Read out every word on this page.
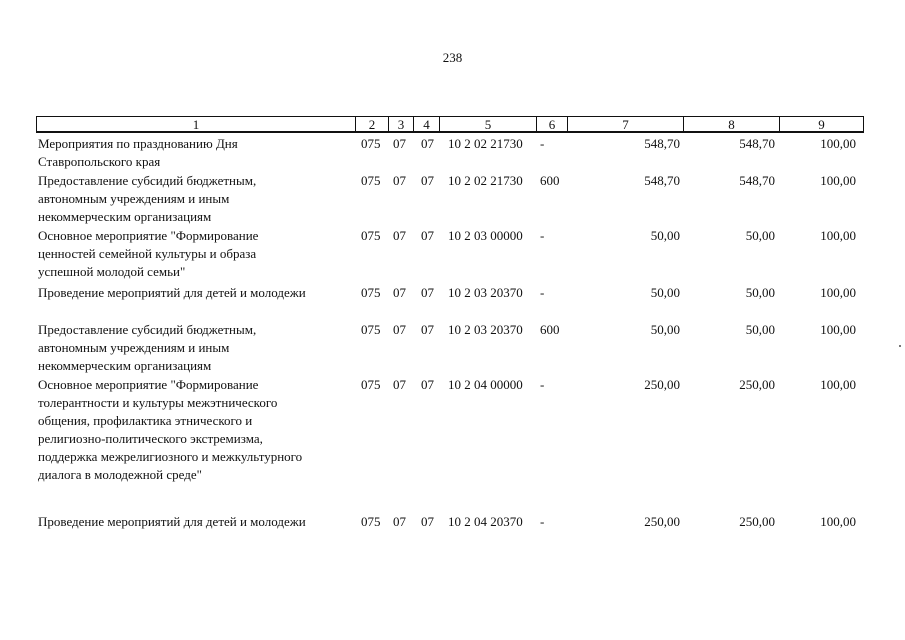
238
1	2	3	4	5	6	7	8	9
Мероприятия по празднованию Дня
Ставропольского края
075 07	07	10 2 02 21730	-	548,70	548,70	100,00
Предоставление субсидий бюджетным,
автономным учреждениям и иным
некоммерческим организациям
075 07	07	10 2 02 21730	600	548,70	548,70	100,00
Основное мероприятие "Формирование
ценностей семейной культуры и образа
успешной молодой семьи"
075 07	07	10 2 03 00000	-	50,00	50,00	100,00
Проведение мероприятий для детей и молодежи	075 07	07	10 2 03 20370	-	50,00	50,00	100,00
Предоставление субсидий бюджетным,
автономным учреждениям и иным
некоммерческим организациям
075 07	07	10 2 03 20370	600	50,00	50,00	100,00
Основное мероприятие "Формирование
толерантности и культуры межэтнического
общения, профилактика этнического и
религиозно-политического экстремизма,
поддержка межрелигиозного и межкультурного
диалога в молодежной среде"
075 07	07	10 2 04 00000	-	250,00	250,00	100,00
Проведение мероприятий для детей и молодежи	075 07	07	10 2 04 20370	-	250,00	250,00	100,00
